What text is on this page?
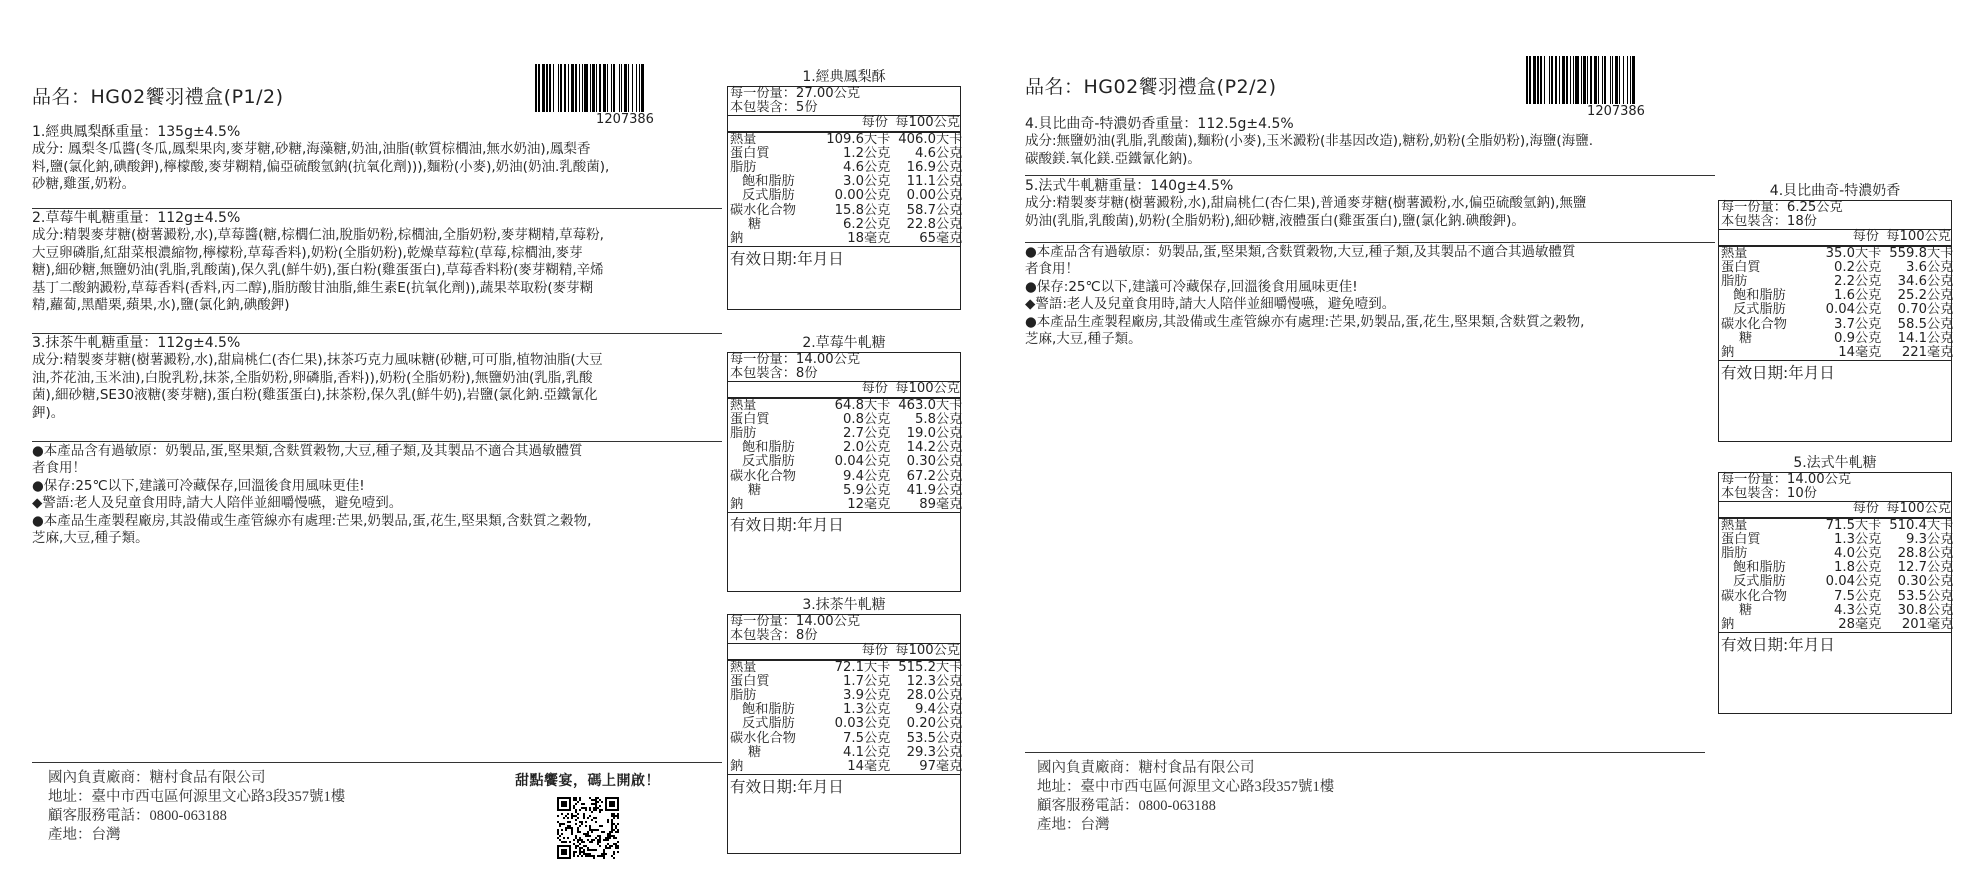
品名：HG02饗羽禮盒(P1/2)
1207386
1.經典鳳梨酥重量：135g±4.5%
成分: 鳳梨冬瓜醬(冬瓜,鳳梨果肉,麥芽糖,砂糖,海藻糖,奶油,油脂(軟質棕櫚油,無水奶油),鳳梨香
料,鹽(氯化鈉,碘酸鉀),檸檬酸,麥芽糊精,偏亞硫酸氫鈉(抗氧化劑))),麵粉(小麥),奶油(奶油.乳酸菌),
砂糖,雞蛋,奶粉。
2.草莓牛軋糖重量：112g±4.5%
成分:精製麥芽糖(樹薯澱粉,水),草莓醬(糖,棕櫚仁油,脫脂奶粉,棕櫚油,全脂奶粉,麥芽糊精,草莓粉,
大豆卵磷脂,紅甜菜根濃縮物,檸檬粉,草莓香料),奶粉(全脂奶粉),乾燥草莓粒(草莓,棕櫚油,麥芽
糖),細砂糖,無鹽奶油(乳脂,乳酸菌),保久乳(鮮牛奶),蛋白粉(雞蛋蛋白),草莓香料粉(麥芽糊精,辛烯
基丁二酸鈉澱粉,草莓香料(香料,丙二醇),脂肪酸甘油脂,維生素E(抗氧化劑)),蔬果萃取粉(麥芽糊
精,蘿蔔,黑醋栗,蘋果,水),鹽(氯化鈉,碘酸鉀)
3.抹茶牛軋糖重量：112g±4.5%
成分:精製麥芽糖(樹薯澱粉,水),甜扁桃仁(杏仁果),抹茶巧克力風味糖(砂糖,可可脂,植物油脂(大豆
油,芥花油,玉米油),白脫乳粉,抹茶,全脂奶粉,卵磷脂,香料)),奶粉(全脂奶粉),無鹽奶油(乳脂,乳酸
菌),細砂糖,SE30液糖(麥芽糖),蛋白粉(雞蛋蛋白),抹茶粉,保久乳(鮮牛奶),岩鹽(氯化鈉.亞鐵氰化
鉀)。
●本產品含有過敏原：奶製品,蛋,堅果類,含麩質穀物,大豆,種子類,及其製品不適合其過敏體質
者食用！
●保存:25℃以下,建議可冷藏保存,回溫後食用風味更佳!
◆警語:老人及兒童食用時,請大人陪伴並細嚼慢嚥，避免噎到。
●本產品生產製程廠房,其設備或生產管線亦有處理:芒果,奶製品,蛋,花生,堅果類,含麩質之穀物,
芝麻,大豆,種子類。
國內負責廠商：糖村食品有限公司
地址：臺中市西屯區何源里文心路3段357號1樓
顧客服務電話：0800-063188
產地：台灣
甜點饗宴，碼上開啟！
1.經典鳳梨酥
每一份量：27.00公克
本包裝含：5份
每份 每100公克
熱量	109.6 大卡 406.0 大卡
蛋白質	1.2 公克	4.6 公克
脂肪	4.6 公克	16.9 公克
飽和脂肪	3.0 公克	11.1 公克
反式脂肪	0.00 公克	0.00 公克
碳水化合物	15.8 公克	58.7 公克
糖	6.2 公克	22.8 公克
鈉	18 毫克	65 毫克
有效日期:年月日
2.草莓牛軋糖
每一份量：14.00公克
本包裝含：8份
每份 每100公克
熱量	64.8 大卡 463.0 大卡
蛋白質	0.8 公克	5.8 公克
脂肪	2.7 公克	19.0 公克
飽和脂肪	2.0 公克	14.2 公克
反式脂肪	0.04 公克	0.30 公克
碳水化合物	9.4 公克	67.2 公克
糖	5.9 公克	41.9 公克
鈉	12 毫克	89 毫克
有效日期:年月日
3.抹茶牛軋糖
每一份量：14.00公克
本包裝含：8份
每份 每100公克
熱量	72.1 大卡 515.2 大卡
蛋白質	1.7 公克	12.3 公克
脂肪	3.9 公克	28.0 公克
飽和脂肪	1.3 公克	9.4 公克
反式脂肪	0.03 公克	0.20 公克
碳水化合物	7.5 公克	53.5 公克
糖	4.1 公克	29.3 公克
鈉	14 毫克	97 毫克
有效日期:年月日
品名：HG02饗羽禮盒(P2/2)
1207386
4.貝比曲奇-特濃奶香重量：112.5g±4.5%
成分:無鹽奶油(乳脂,乳酸菌),麵粉(小麥),玉米澱粉(非基因改造),糖粉,奶粉(全脂奶粉),海鹽(海鹽.
碳酸鎂.氧化鎂.亞鐵氰化鈉)。
5.法式牛軋糖重量：140g±4.5%
成分:精製麥芽糖(樹薯澱粉,水),甜扁桃仁(杏仁果),普通麥芽糖(樹薯澱粉,水,偏亞硫酸氫鈉),無鹽
奶油(乳脂,乳酸菌),奶粉(全脂奶粉),細砂糖,液體蛋白(雞蛋蛋白),鹽(氯化鈉.碘酸鉀)。
●本產品含有過敏原：奶製品,蛋,堅果類,含麩質穀物,大豆,種子類,及其製品不適合其過敏體質
者食用！
●保存:25℃以下,建議可冷藏保存,回溫後食用風味更佳!
◆警語:老人及兒童食用時,請大人陪伴並細嚼慢嚥，避免噎到。
●本產品生產製程廠房,其設備或生產管線亦有處理:芒果,奶製品,蛋,花生,堅果類,含麩質之穀物,
芝麻,大豆,種子類。
國內負責廠商：糖村食品有限公司
地址：臺中市西屯區何源里文心路3段357號1樓
顧客服務電話：0800-063188
產地：台灣
4.貝比曲奇-特濃奶香
每一份量：6.25公克
本包裝含：18份
每份 每100公克
熱量	35.0 大卡 559.8 大卡
蛋白質	0.2 公克	3.6 公克
脂肪	2.2 公克	34.6 公克
飽和脂肪	1.6 公克	25.2 公克
反式脂肪	0.04 公克	0.70 公克
碳水化合物	3.7 公克	58.5 公克
糖	0.9 公克	14.1 公克
鈉	14 毫克	221 毫克
有效日期:年月日
5.法式牛軋糖
每一份量：14.00公克
本包裝含：10份
每份 每100公克
熱量	71.5 大卡 510.4 大卡
蛋白質	1.3 公克	9.3 公克
脂肪	4.0 公克	28.8 公克
飽和脂肪	1.8 公克	12.7 公克
反式脂肪	0.04 公克	0.30 公克
碳水化合物	7.5 公克	53.5 公克
糖	4.3 公克	30.8 公克
鈉	28 毫克	201 毫克
有效日期:年月日
